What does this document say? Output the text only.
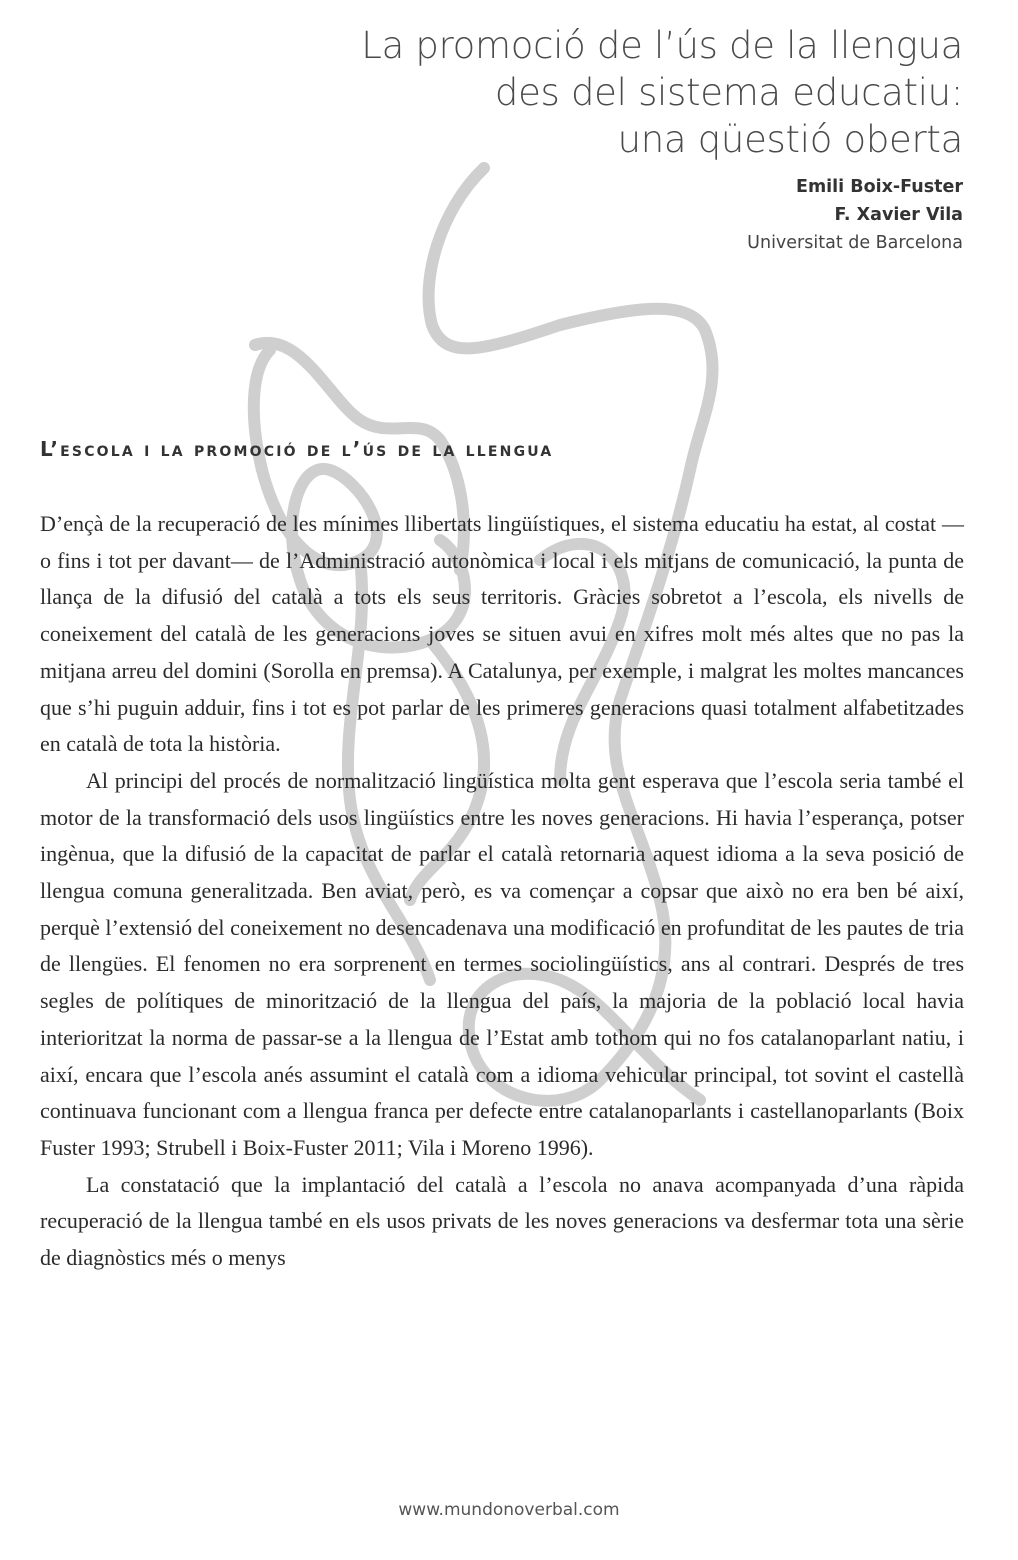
La promoció de l’ús de la llengua
des del sistema educatiu:
una qüestió oberta
Emili Boix-Fuster
F. Xavier Vila
Universitat de Barcelona
L’escola i la promoció de l’ús de la llengua

D’ençà de la recuperació de les mínimes llibertats lingüístiques, el sistema educatiu ha estat, al costat —o fins i tot per davant— de l’Administració autonòmica i local i els mitjans de comunicació, la punta de llança de la difusió del català a tots els seus territoris. Gràcies sobretot a l’escola, els nivells de coneixement del català de les generacions joves se situen avui en xifres molt més altes que no pas la mitjana arreu del domini (Sorolla en premsa). A Catalunya, per exemple, i malgrat les moltes mancances que s’hi puguin adduir, fins i tot es pot parlar de les primeres generacions quasi totalment alfabetitzades en català de tota la història.

Al principi del procés de normalització lingüística molta gent esperava que l’escola seria també el motor de la transformació dels usos lingüístics entre les noves generacions. Hi havia l’esperança, potser ingènua, que la difusió de la capacitat de parlar el català retornaria aquest idioma a la seva posició de llengua comuna generalitzada. Ben aviat, però, es va començar a copsar que això no era ben bé així, perquè l’extensió del coneixement no desencadenava una modificació en profunditat de les pautes de tria de llengües. El fenomen no era sorprenent en termes sociolingüístics, ans al contrari. Després de tres segles de polítiques de minorització de la llengua del país, la majoria de la població local havia interioritzat la norma de passar-se a la llengua de l’Estat amb tothom qui no fos catalanoparlant natiu, i així, encara que l’escola anés assumint el català com a idioma vehicular principal, tot sovint el castellà continuava funcionant com a llengua franca per defecte entre catalanoparlants i castellanoparlants (Boix Fuster 1993; Strubell i Boix-Fuster 2011; Vila i Moreno 1996).

La constatació que la implantació del català a l’escola no anava acompanyada d’una ràpida recuperació de la llengua també en els usos privats de les noves generacions va desfermar tota una sèrie de diagnòstics més o menys

www.mundonoverbal.com
